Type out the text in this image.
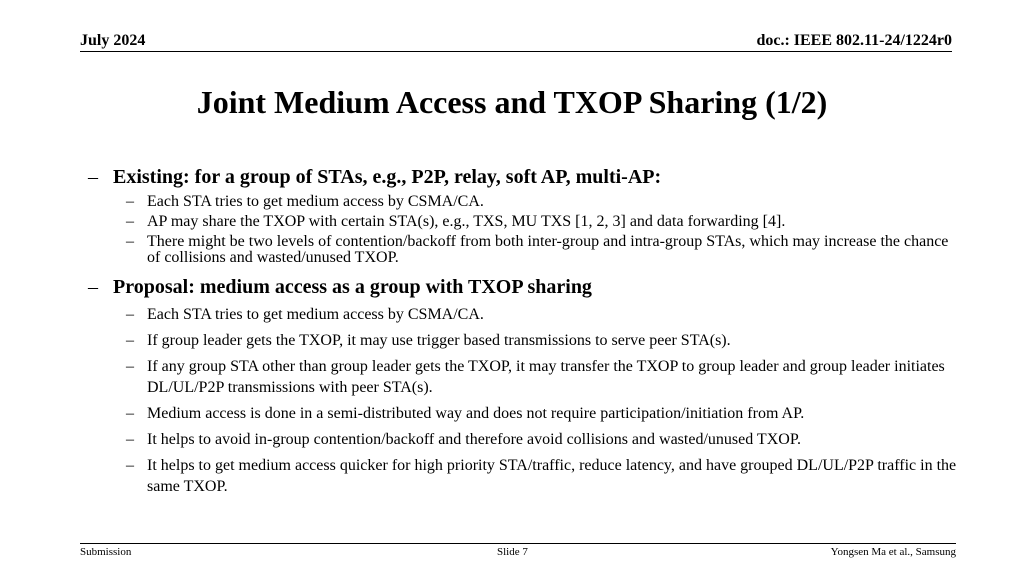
July 2024	doc.: IEEE 802.11-24/1224r0
Joint Medium Access and TXOP Sharing (1/2)
– Existing: for a group of STAs, e.g., P2P, relay, soft AP, multi-AP:
– Each STA tries to get medium access by CSMA/CA.
– AP may share the TXOP with certain STA(s), e.g., TXS, MU TXS [1, 2, 3] and data forwarding [4].
– There might be two levels of contention/backoff from both inter-group and intra-group STAs, which may increase the chance of collisions and wasted/unused TXOP.
– Proposal: medium access as a group with TXOP sharing
– Each STA tries to get medium access by CSMA/CA.
– If group leader gets the TXOP, it may use trigger based transmissions to serve peer STA(s).
– If any group STA other than group leader gets the TXOP, it may transfer the TXOP to group leader and group leader initiates DL/UL/P2P transmissions with peer STA(s).
– Medium access is done in a semi-distributed way and does not require participation/initiation from AP.
– It helps to avoid in-group contention/backoff and therefore avoid collisions and wasted/unused TXOP.
– It helps to get medium access quicker for high priority STA/traffic, reduce latency, and have grouped DL/UL/P2P traffic in the same TXOP.
Submission	Slide 7	Yongsen Ma et al., Samsung
